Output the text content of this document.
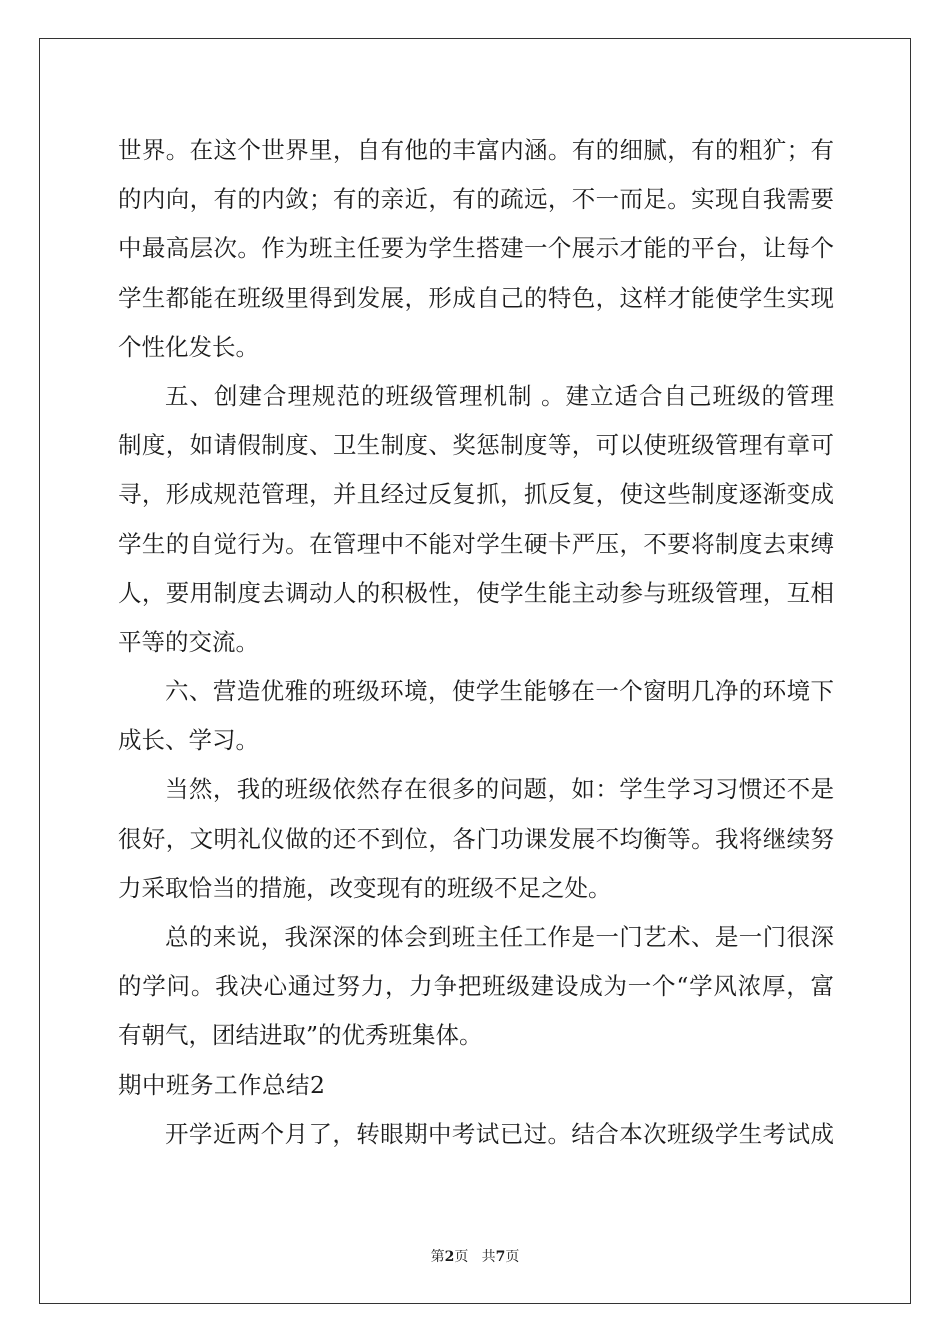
世界。在这个世界里，自有他的丰富内涵。有的细腻，有的粗犷；有
的内向，有的内敛；有的亲近，有的疏远，不一而足。实现自我需要
中最高层次。作为班主任要为学生搭建一个展示才能的平台，让每个
学生都能在班级里得到发展，形成自己的特色，这样才能使学生实现
个性化发长。
五、创建合理规范的班级管理机制 。建立适合自己班级的管理
制度，如请假制度、卫生制度、奖惩制度等，可以使班级管理有章可
寻，形成规范管理，并且经过反复抓，抓反复，使这些制度逐渐变成
学生的自觉行为。在管理中不能对学生硬卡严压，不要将制度去束缚
人，要用制度去调动人的积极性，使学生能主动参与班级管理，互相
平等的交流。
六、营造优雅的班级环境，使学生能够在一个窗明几净的环境下
成长、学习。
当然，我的班级依然存在很多的问题，如：学生学习习惯还不是
很好，文明礼仪做的还不到位，各门功课发展不均衡等。我将继续努
力采取恰当的措施，改变现有的班级不足之处。
总的来说，我深深的体会到班主任工作是一门艺术、是一门很深
的学问。我决心通过努力，力争把班级建设成为一个“学风浓厚，富
有朝气，团结进取”的优秀班集体。
期中班务工作总结2
开学近两个月了，转眼期中考试已过。结合本次班级学生考试成
第2页 共7页
